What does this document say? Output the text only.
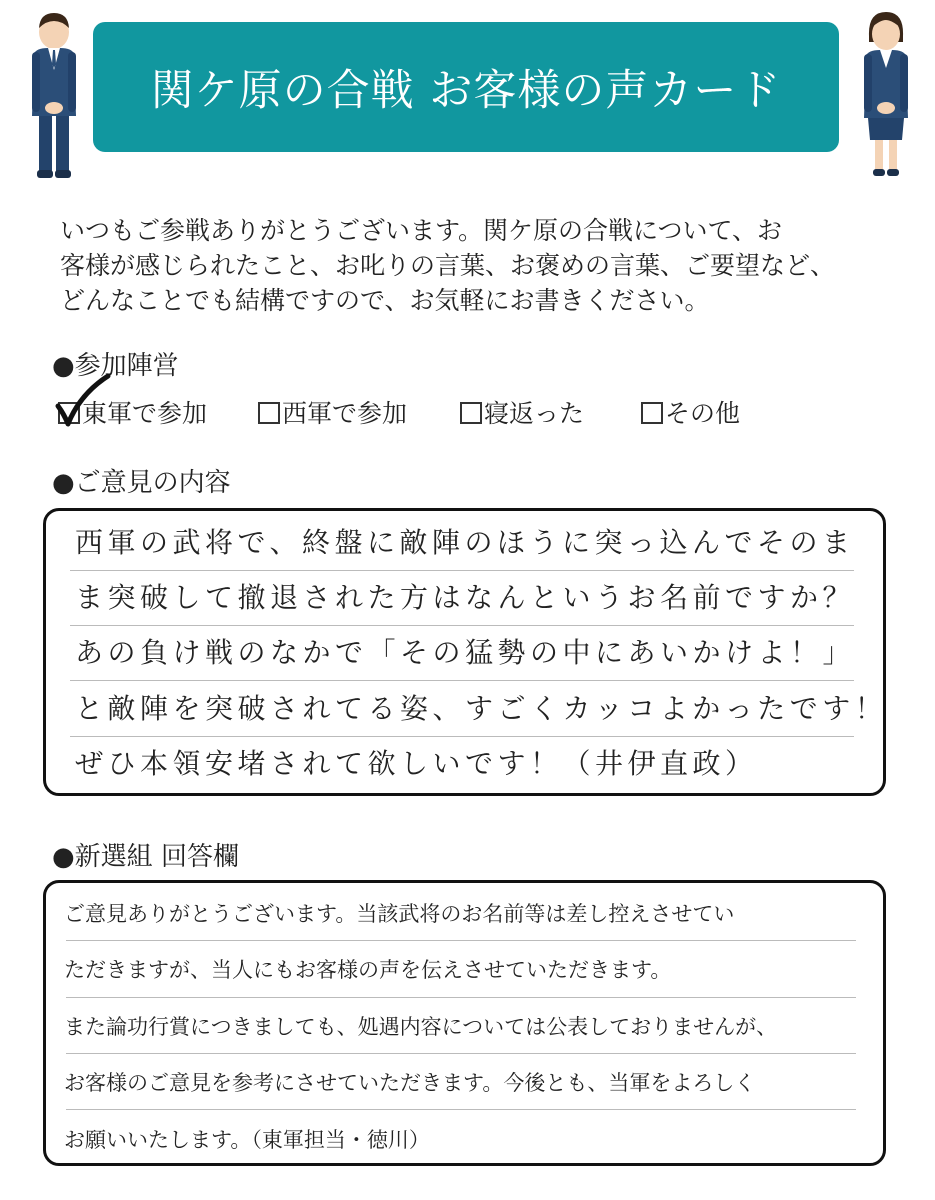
関ケ原の合戦 お客様の声カード
いつもご参戦ありがとうございます。関ケ原の合戦について、お
客様が感じられたこと、お叱りの言葉、お褒めの言葉、ご要望など、
どんなことでも結構ですので、お気軽にお書きください。
●参加陣営
東軍で参加	西軍で参加	寝返った	その他
●ご意見の内容
西軍の武将で、終盤に敵陣のほうに突っ込んでそのま
ま突破して撤退された方はなんというお名前ですか？
あの負け戦のなかで「その猛勢の中にあいかけよ！」
と敵陣を突破されてる姿、すごくカッコよかったです！
ぜひ本領安堵されて欲しいです！（井伊直政）
●新選組 回答欄
ご意見ありがとうございます。当該武将のお名前等は差し控えさせてい
ただきますが、当人にもお客様の声を伝えさせていただきます。
また論功行賞につきましても、処遇内容については公表しておりませんが、
お客様のご意見を参考にさせていただきます。今後とも、当軍をよろしく
お願いいたします。（東軍担当・徳川）
